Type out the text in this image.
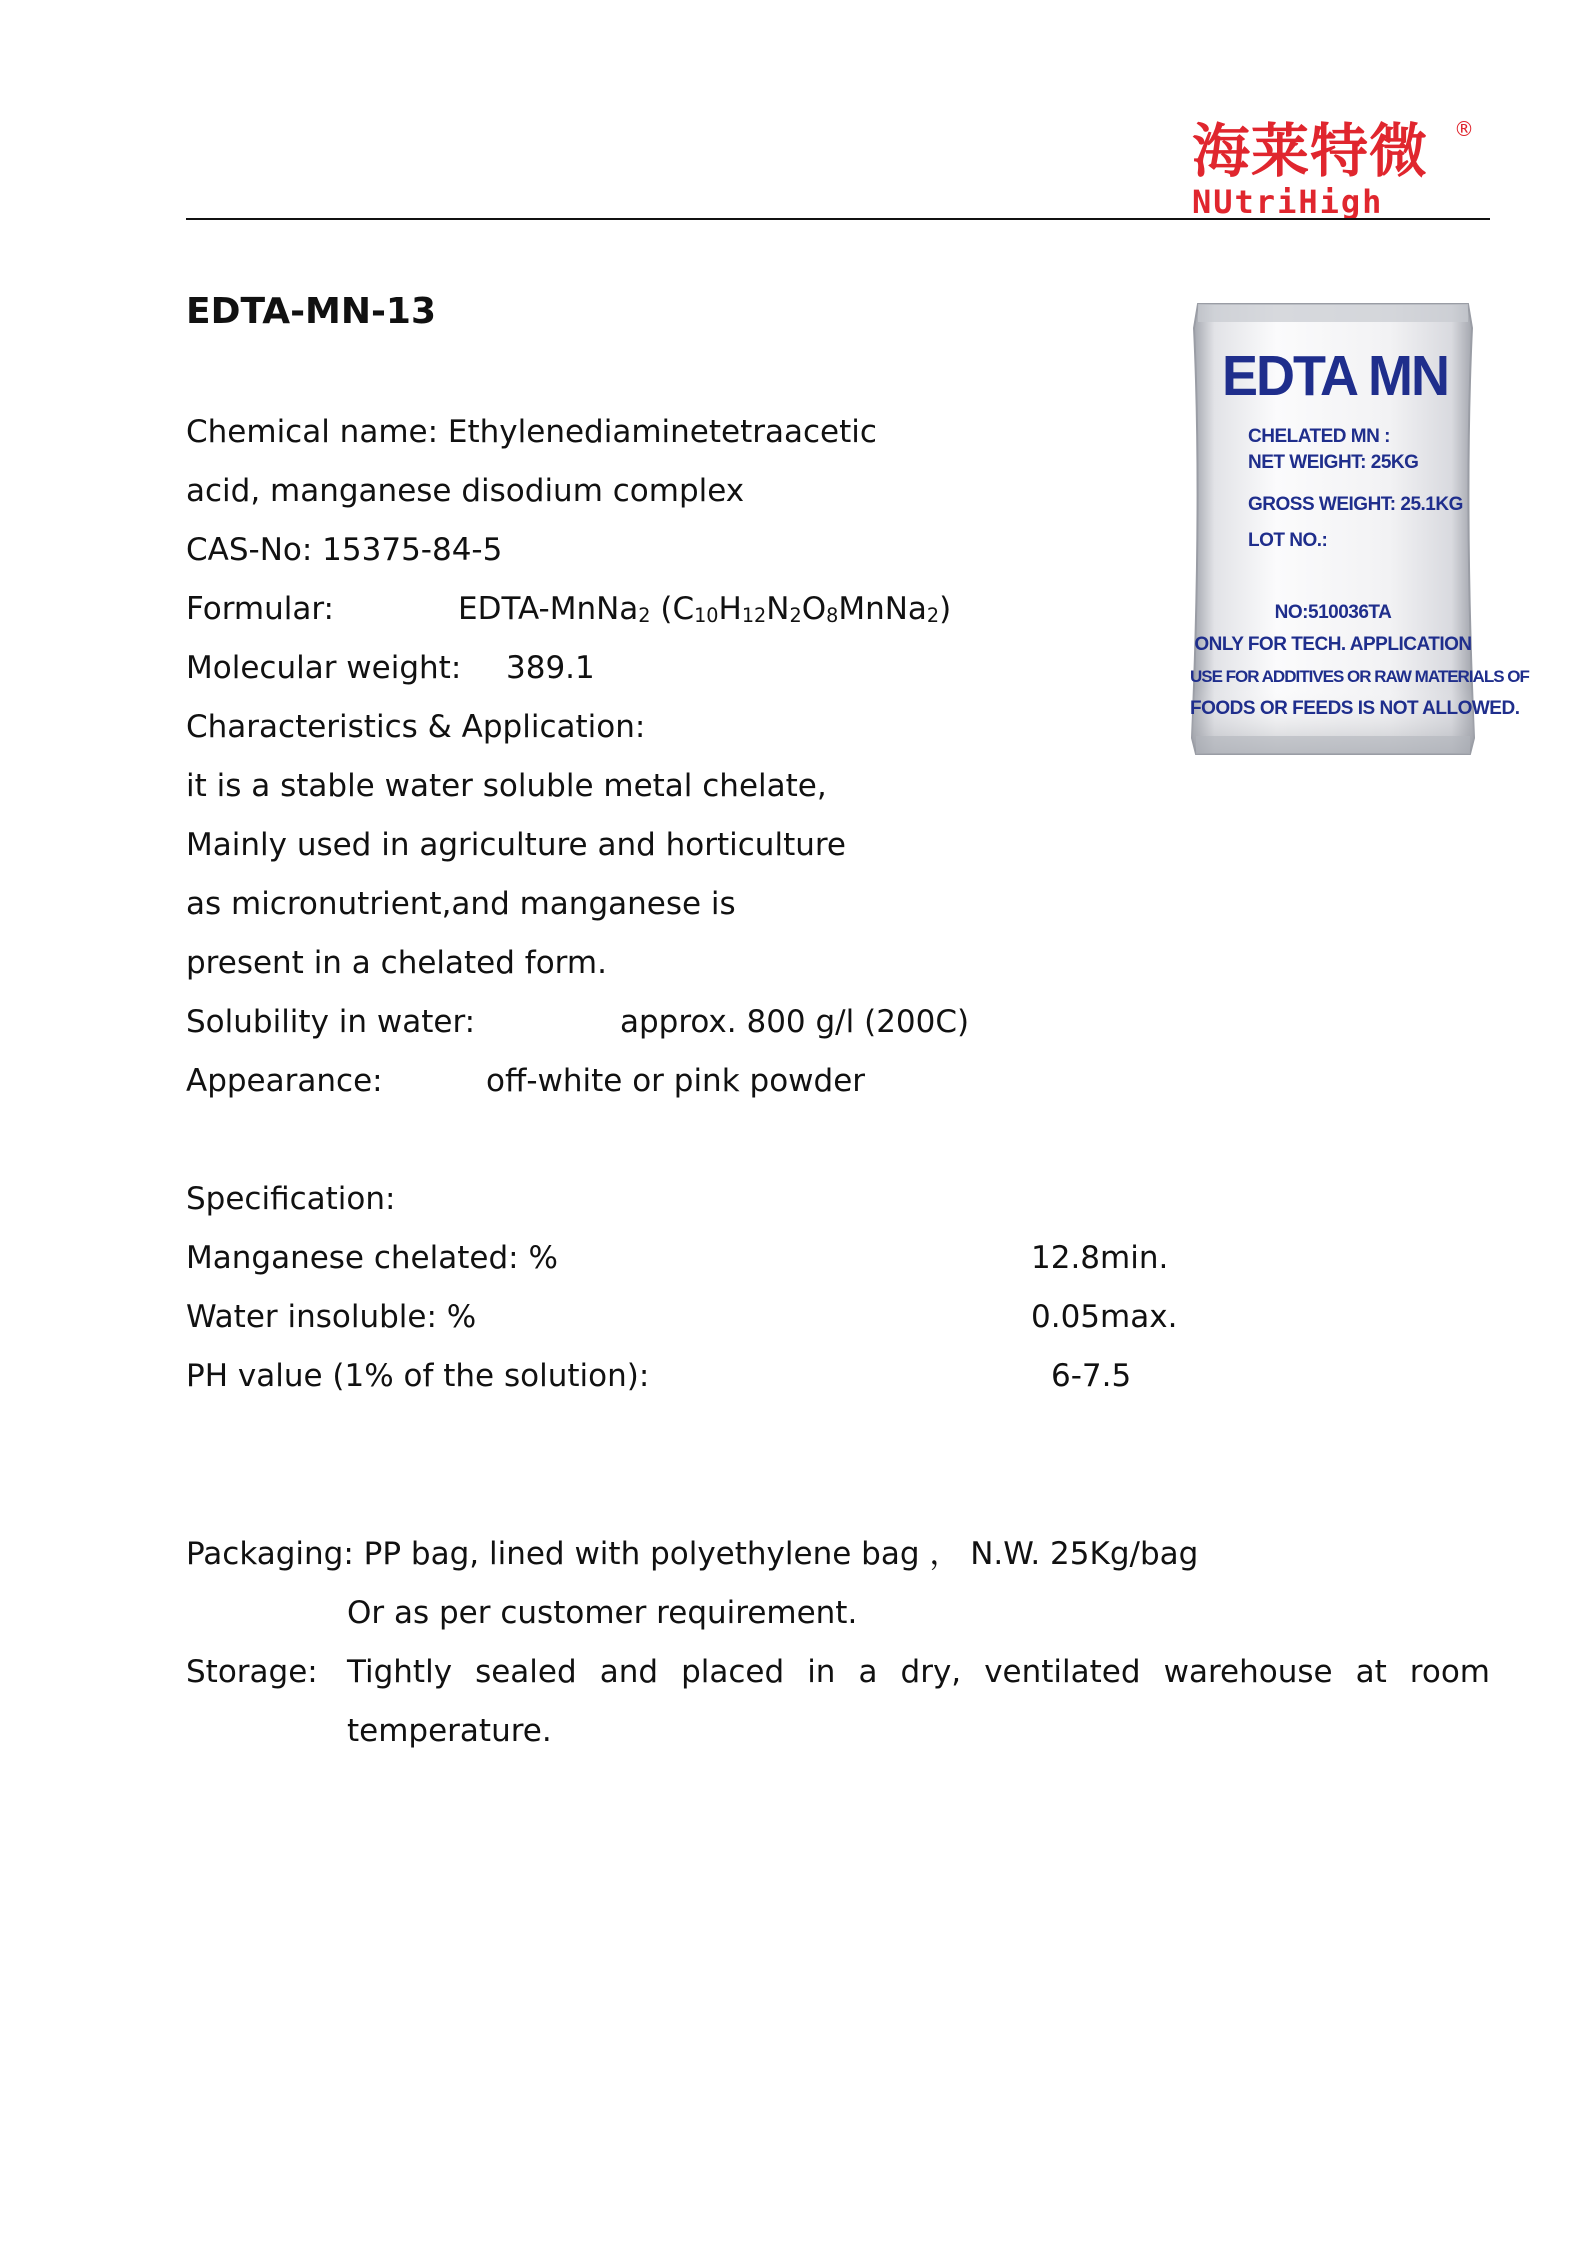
海莱特微 ®
NUtriHigh
EDTA-MN-13
EDTA MN
CHELATED MN :
NET WEIGHT: 25KG
GROSS WEIGHT: 25.1KG
LOT NO.:
NO:510036TA
ONLY FOR TECH. APPLICATION
USE FOR ADDITIVES OR RAW MATERIALS OF
FOODS OR FEEDS IS NOT ALLOWED.
Chemical name: Ethylenediaminetetraacetic
acid, manganese disodium complex
CAS-No: 15375-84-5
Formular:	EDTA-MnNa$_2$ $(C_{10}H_{12}N_2O_8MnNa_2)$
Molecular weight: 389.1
Characteristics & Application:
it is a stable water soluble metal chelate,
Mainly used in agriculture and horticulture
as micronutrient,and manganese is
present in a chelated form.
Solubility in water:	approx. 800 g/l (200C)
Appearance:	off-white or pink powder
Specification:
Manganese chelated: %	12.8min.
Water insoluble: %	0.05max.
PH value (1% of the solution):	6-7.5
Packaging: PP bag, lined with polyethylene bag ， N.W. 25Kg/bag
Or as per customer requirement.
Storage: Tightly sealed and placed in a dry, ventilated warehouse at room
temperature.
